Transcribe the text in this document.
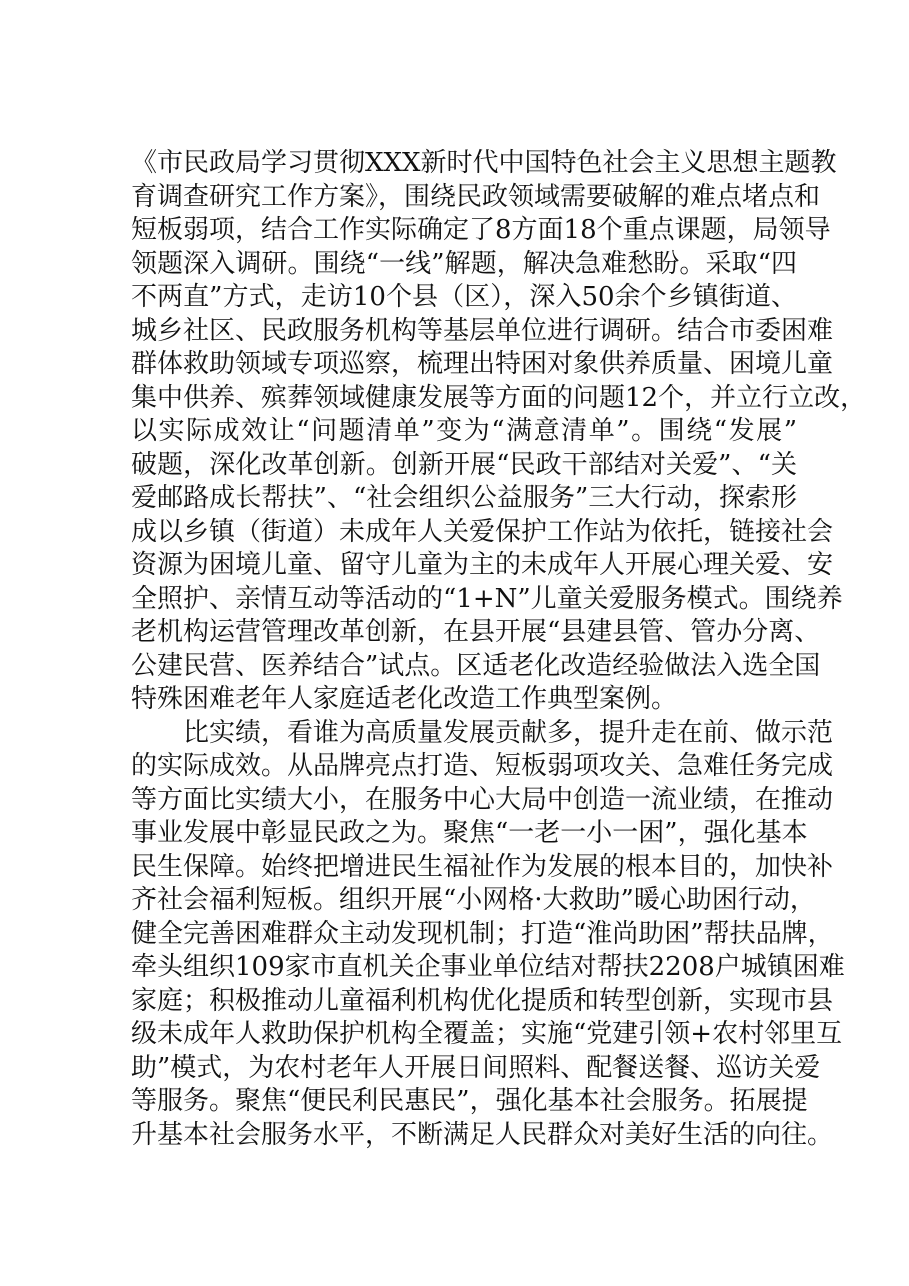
《市民政局学习贯彻XXX新时代中国特色社会主义思想主题教
育调查研究工作方案》，围绕民政领域需要破解的难点堵点和
短板弱项，结合工作实际确定了8方面18个重点课题，局领导
领题深入调研。围绕“一线”解题，解决急难愁盼。采取“四
不两直”方式，走访10个县（区），深入50余个乡镇街道、
城乡社区、民政服务机构等基层单位进行调研。结合市委困难
群体救助领域专项巡察，梳理出特困对象供养质量、困境儿童
集中供养、殡葬领域健康发展等方面的问题12个，并立行立改，
以实际成效让“问题清单”变为“满意清单”。围绕“发展”
破题，深化改革创新。创新开展“民政干部结对关爱”、“关
爱邮路成长帮扶”、“社会组织公益服务”三大行动，探索形
成以乡镇（街道）未成年人关爱保护工作站为依托，链接社会
资源为困境儿童、留守儿童为主的未成年人开展心理关爱、安
全照护、亲情互动等活动的“1+N”儿童关爱服务模式。围绕养
老机构运营管理改革创新，在县开展“县建县管、管办分离、
公建民营、医养结合”试点。区适老化改造经验做法入选全国
特殊困难老年人家庭适老化改造工作典型案例。
比实绩，看谁为高质量发展贡献多，提升走在前、做示范
的实际成效。从品牌亮点打造、短板弱项攻关、急难任务完成
等方面比实绩大小，在服务中心大局中创造一流业绩，在推动
事业发展中彰显民政之为。聚焦“一老一小一困”，强化基本
民生保障。始终把增进民生福祉作为发展的根本目的，加快补
齐社会福利短板。组织开展“小网格·大救助”暖心助困行动，
健全完善困难群众主动发现机制；打造“淮尚助困”帮扶品牌，
牵头组织109家市直机关企事业单位结对帮扶2208户城镇困难
家庭；积极推动儿童福利机构优化提质和转型创新，实现市县
级未成年人救助保护机构全覆盖；实施“党建引领+农村邻里互
助”模式，为农村老年人开展日间照料、配餐送餐、巡访关爱
等服务。聚焦“便民利民惠民”，强化基本社会服务。拓展提
升基本社会服务水平，不断满足人民群众对美好生活的向往。
